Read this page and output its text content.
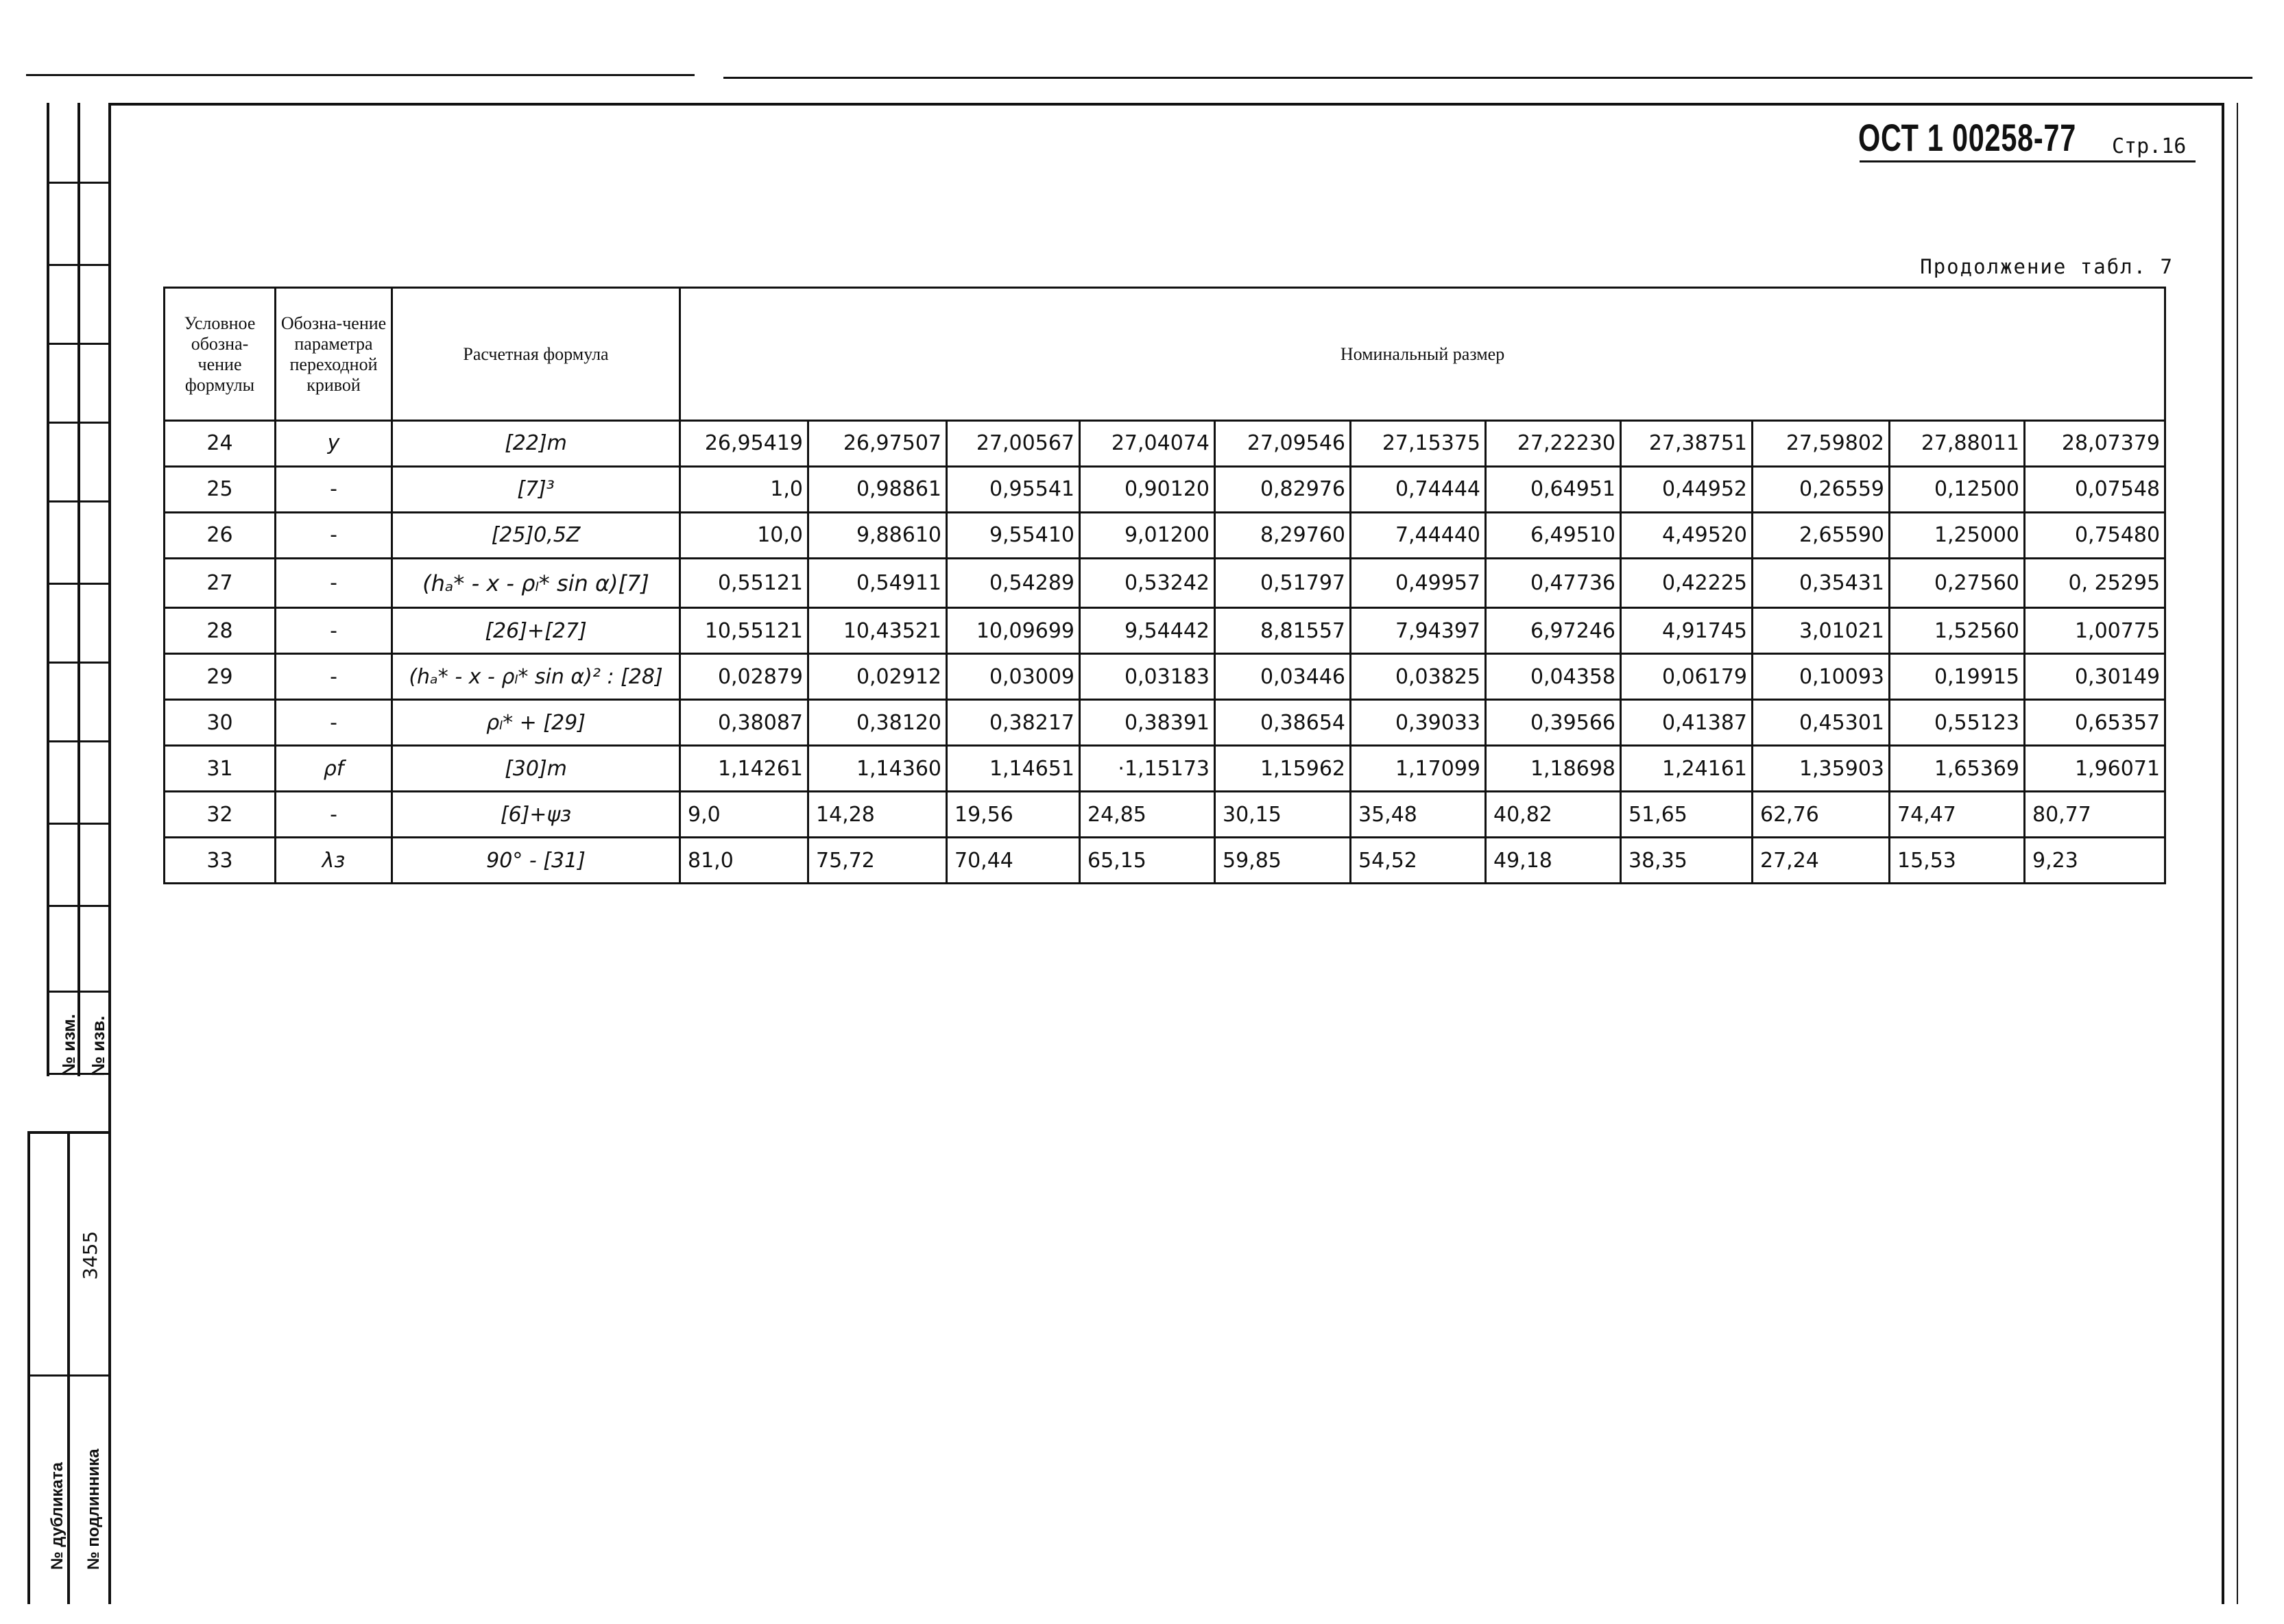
№ изм. № изв.
3455
№ дубликата № подлинника
ОСТ 1 00258-77	Стр.16
Продолжение табл. 7
Условное обозна-чение формулы	Обозна-чение параметра переходной кривой	Расчетная формула	Номинальный размер										
24	y	[22]m	26,95419	26,97507	27,00567	27,04074	27,09546	27,15375	27,22230	27,38751	27,59802	27,88011	28,07379
25	-	[7]³	1,0	0,98861	0,95541	0,90120	0,82976	0,74444	0,64951	0,44952	0,26559	0,12500	0,07548
26	-	[25]0,5Z	10,0	9,88610	9,55410	9,01200	8,29760	7,44440	6,49510	4,49520	2,65590	1,25000	0,75480
27	-	(hₐ* - x - ρₗ* sin α)[7]	0,55121	0,54911	0,54289	0,53242	0,51797	0,49957	0,47736	0,42225	0,35431	0,27560	0, 25295
28	-	[26]+[27]	10,55121	10,43521	10,09699	9,54442	8,81557	7,94397	6,97246	4,91745	3,01021	1,52560	1,00775
29	-	(hₐ* - x - ρₗ* sin α)² : [28]	0,02879	0,02912	0,03009	0,03183	0,03446	0,03825	0,04358	0,06179	0,10093	0,19915	0,30149
30	-	ρₗ* + [29]	0,38087	0,38120	0,38217	0,38391	0,38654	0,39033	0,39566	0,41387	0,45301	0,55123	0,65357
31	ρf	[30]m	1,14261	1,14360	1,14651	·1,15173	1,15962	1,17099	1,18698	1,24161	1,35903	1,65369	1,96071
32	-	[6]+ψз	9,0	14,28	19,56	24,85	30,15	35,48	40,82	51,65	62,76	74,47	80,77
33	λз	90° - [31]	81,0	75,72	70,44	65,15	59,85	54,52	49,18	38,35	27,24	15,53	9,23
